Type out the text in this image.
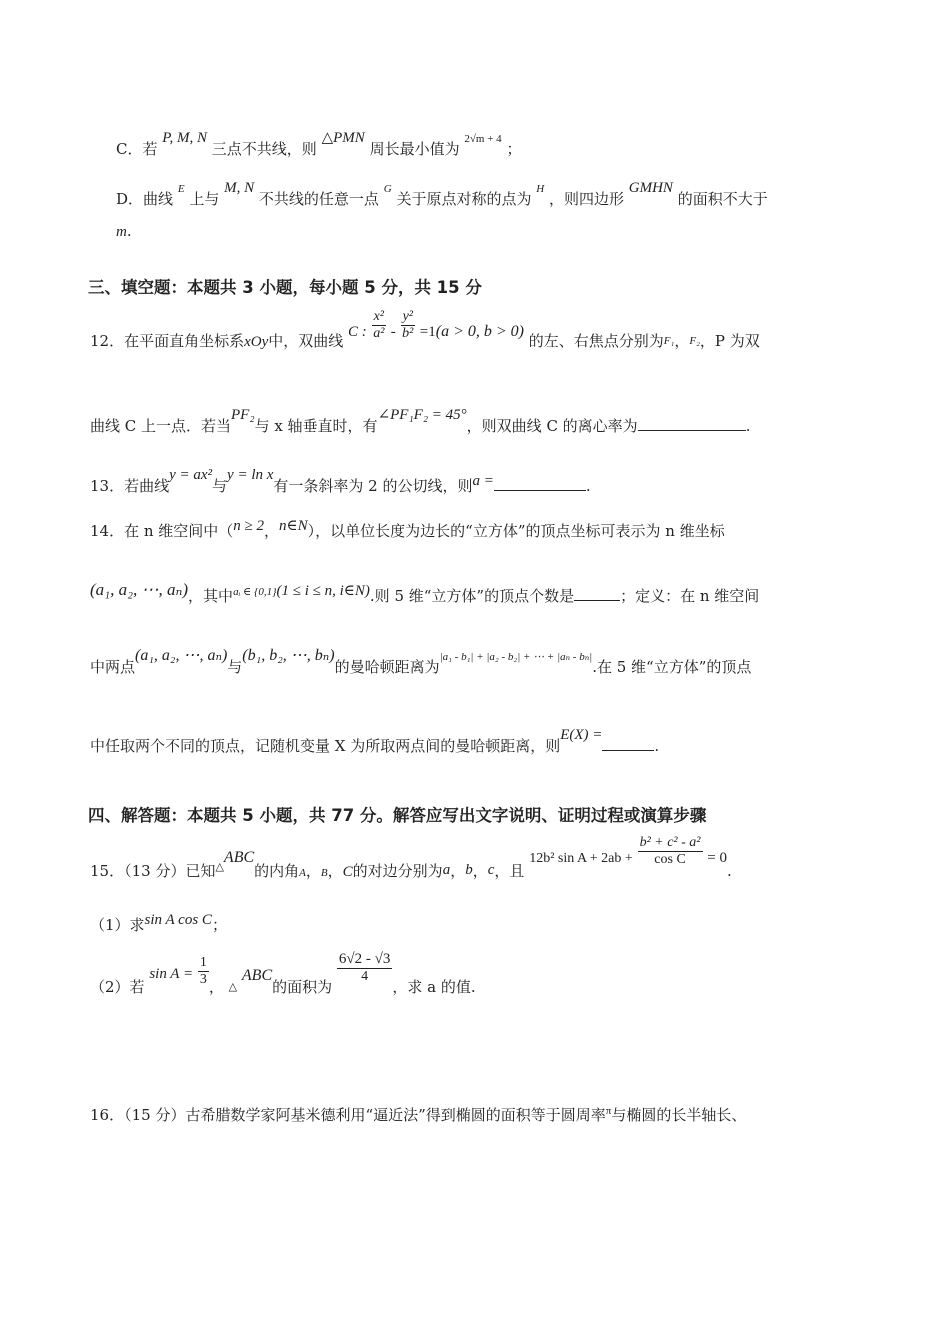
C．若 P, M, N 三点不共线，则 △PMN 周长最小值为 $^{2√m + 4}$ ；
D．曲线 $^E$ 上与 M, N 不共线的任意一点 $^G$ 关于原点对称的点为 $^H$ ，则四边形 GMHN 的面积不大于
m.
三、填空题：本题共 3 小题，每小题 5 分，共 15 分
12．在平面直角坐标系xOy中，双曲线 C : $\frac{\text{x²}}{\text{a²}} - \frac{\text{y²}}{\text{b²}} =1(a > 0$, b > 0) 的左、右焦点分别为$_{F_1}$，$_{F_2}$，P 为双
曲线 C 上一点．若当PF₂与 x 轴垂直时，有∠PF₁F₂ = 45°，则双曲线 C 的离心率为	.
13．若曲线y = ax²与y = ln x有一条斜率为 2 的公切线，则a =	.
14．在 n 维空间中（n ≥ 2，n∈N），以单位长度为边长的“立方体”的顶点坐标可表示为 n 维坐标
(a₁, a₂, ⋯, aₙ)，其中$^{aᵢ \in \{0,1\}}$(1 ≤ i ≤ n, i∈N).则 5 维“立方体”的顶点个数是	；定义：在 n 维空间
中两点(a₁, a₂, ⋯, aₙ)与(b₁, b₂, ⋯, bₙ)的曼哈顿距离为$^{|a_1 - b_1| + |a_2 - b_2| + \cdots + |a_n - b_n|}$.在 5 维“立方体”的顶点
中任取两个不同的顶点，记随机变量 X 为所取两点间的曼哈顿距离，则E(X) =.
四、解答题：本题共 5 小题，共 77 分。解答应写出文字说明、证明过程或演算步骤
15．（13 分）已知$_\triangle$ABC的内角$_A$，$_B$，C的对边分别为a，b，c，且 12b² $\sin A + 2ab + \frac{\text{b² + c² - a²}}{\text{cos C}} = 0$.
（1）求sin A cos C；
（2）若 $\sin A = \frac{1}{3}$ ， $_\triangle$ ABC的面积为
$\frac{6√2 - √3}{4}$
，求 a 的值.
16．（15 分）古希腊数学家阿基米德利用“逼近法”得到椭圆的面积等于圆周率$^\pi$与椭圆的长半轴长、
